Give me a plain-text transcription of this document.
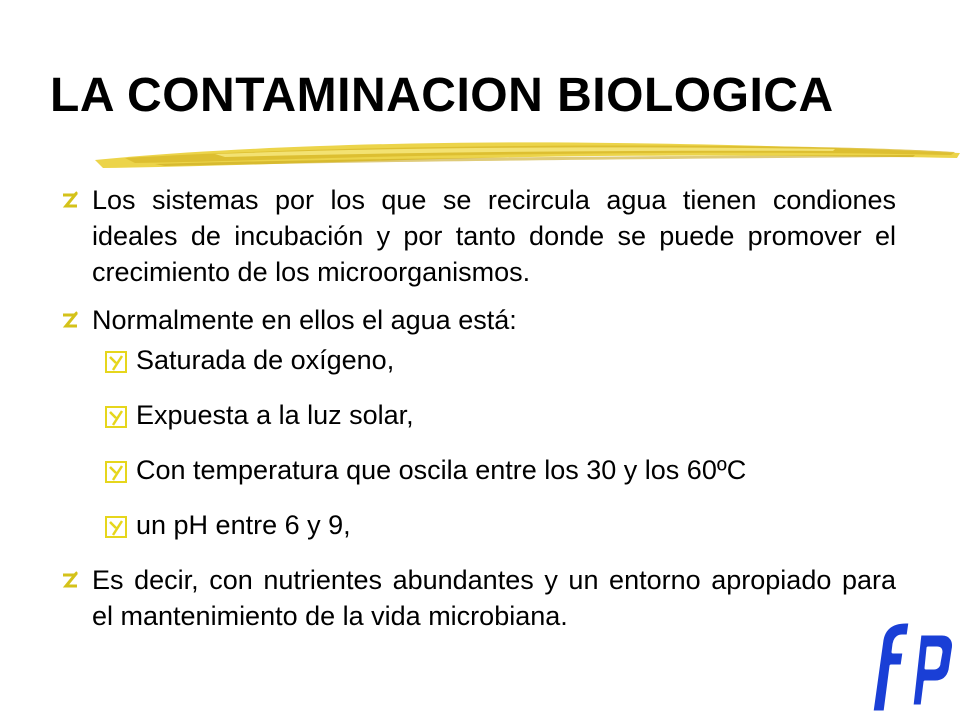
LA CONTAMINACION BIOLOGICA
Los sistemas por los que se recircula agua tienen condiones ideales de incubación y por tanto donde se puede promover el crecimiento de los microorganismos.
Normalmente en ellos el agua está:
Saturada de oxígeno,
Expuesta a la luz solar,
Con temperatura que oscila entre los 30 y los 60ºC
un pH entre 6 y 9,
Es decir, con nutrientes abundantes y un entorno apropiado para el mantenimiento de la vida microbiana.
